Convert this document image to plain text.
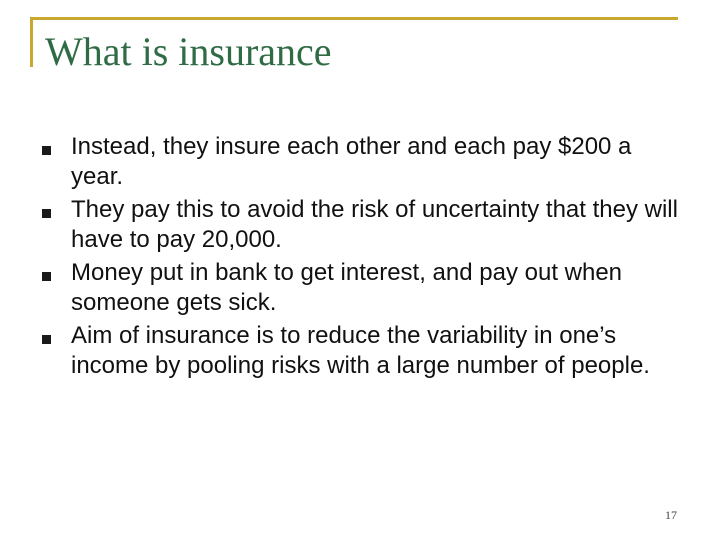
What is insurance
Instead, they insure each other and each pay $200 a year.
They pay this to avoid the risk of uncertainty that they will have to pay 20,000.
Money put in bank to get interest, and pay out when someone gets sick.
Aim of insurance is to reduce the variability in one’s income by pooling risks with a large number of people.
17
